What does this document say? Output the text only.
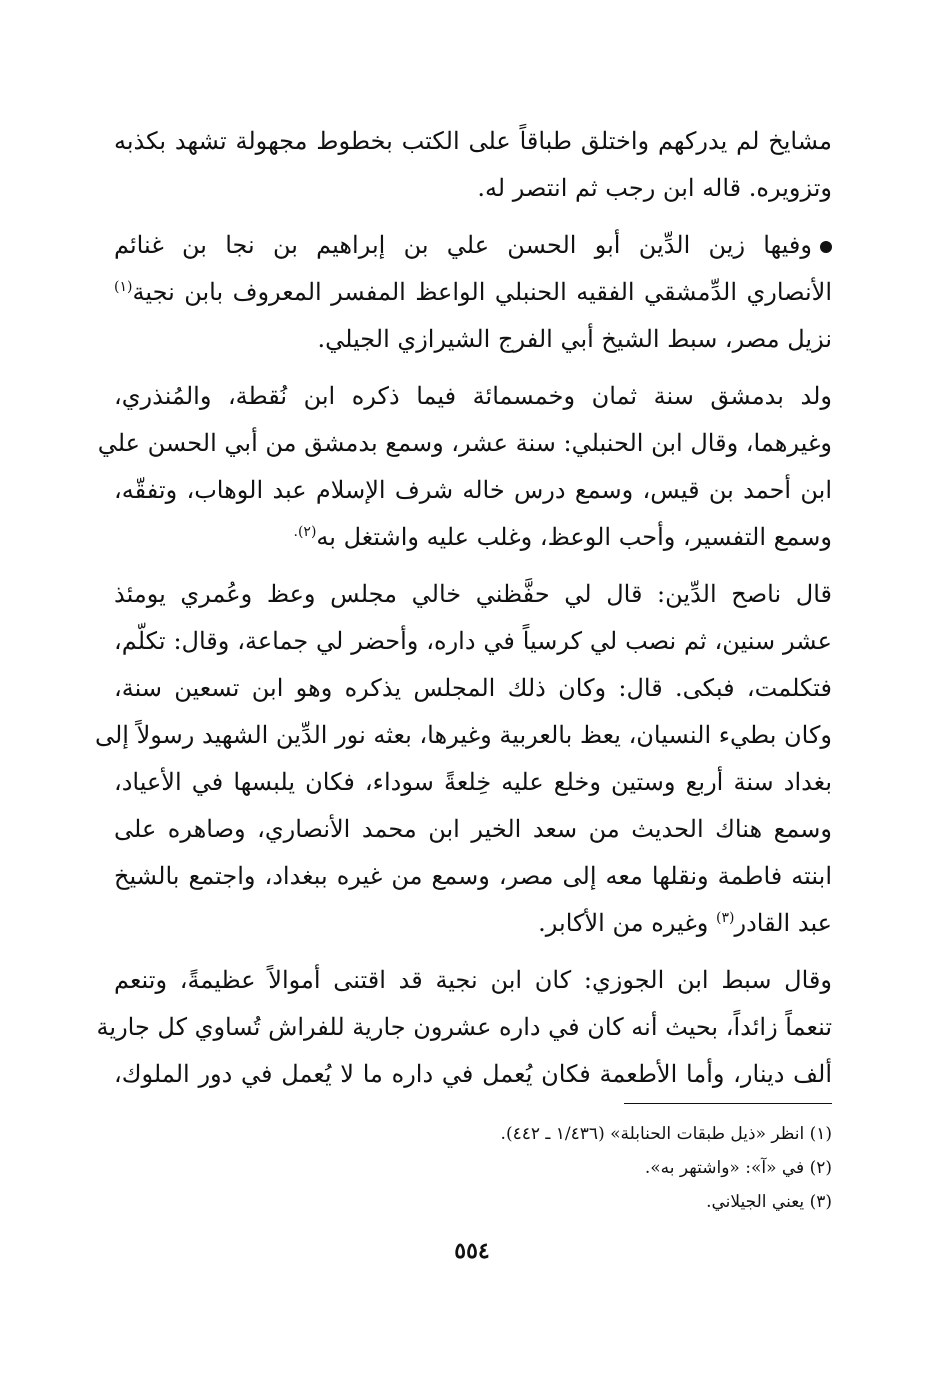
مشايخ لم يدركهم واختلق طباقاً على الكتب بخطوط مجهولة تشهد بكذبه
وتزويره. قاله ابن رجب ثم انتصر له.
وفيها زين الدِّين أبو الحسن علي بن إبراهيم بن نجا بن غنائم
الأنصاري الدِّمشقي الفقيه الحنبلي الواعظ المفسر المعروف بابن نجية$^{(١)}$
نزيل مصر، سبط الشيخ أبي الفرج الشيرازي الجيلي.
ولد بدمشق سنة ثمان وخمسمائة فيما ذكره ابن نُقطة، والمُنذري،
وغيرهما، وقال ابن الحنبلي: سنة عشر، وسمع بدمشق من أبي الحسن علي
ابن أحمد بن قيس، وسمع درس خاله شرف الإسلام عبد الوهاب، وتفقّه،
وسمع التفسير، وأحب الوعظ، وغلب عليه واشتغل به$^{(٢).}$
قال ناصح الدِّين: قال لي حفَّظني خالي مجلس وعظ وعُمري يومئذ
عشر سنين، ثم نصب لي كرسياً في داره، وأحضر لي جماعة، وقال: تكلّم،
فتكلمت، فبكى. قال: وكان ذلك المجلس يذكره وهو ابن تسعين سنة،
وكان بطيء النسيان، يعظ بالعربية وغيرها، بعثه نور الدِّين الشهيد رسولاً إلى
بغداد سنة أربع وستين وخلع عليه خِلعةً سوداء، فكان يلبسها في الأعياد،
وسمع هناك الحديث من سعد الخير ابن محمد الأنصاري، وصاهره على
ابنته فاطمة ونقلها معه إلى مصر، وسمع من غيره ببغداد، واجتمع بالشيخ
عبد القادر$^{(٣)}$ وغيره من الأكابر.
وقال سبط ابن الجوزي: كان ابن نجية قد اقتنى أموالاً عظيمةً، وتنعم
تنعماً زائداً، بحيث أنه كان في داره عشرون جارية للفراش تُساوي كل جارية
ألف دينار، وأما الأطعمة فكان يُعمل في داره ما لا يُعمل في دور الملوك،
(١) انظر «ذيل طبقات الحنابلة» (١/٤٣٦ ـ ٤٤٢).
(٢) في «آ»: «واشتهر به».
(٣) يعني الجيلاني.
٥٥٤
